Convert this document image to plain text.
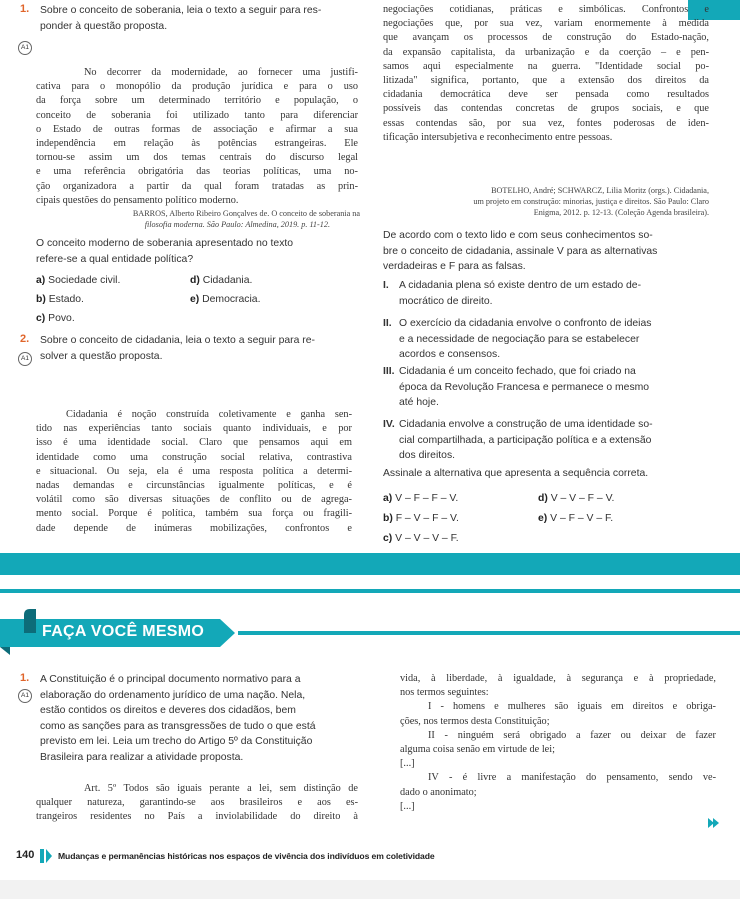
1.
A1
Sobre o conceito de soberania, leia o texto a seguir para res-
ponder à questão proposta.
No decorrer da modernidade, ao fornecer uma justifi-
cativa para o monopólio da produção jurídica e para o uso
da força sobre um determinado território e população, o
conceito de soberania foi utilizado tanto para diferenciar
o Estado de outras formas de associação e afirmar a sua
independência em relação às potências estrangeiras. Ele
tornou-se assim um dos temas centrais do discurso legal
e uma referência obrigatória das teorias políticas, uma no-
ção organizadora a partir da qual foram tratadas as prin-
cipais questões do pensamento político moderno.
BARROS, Alberto Ribeiro Gonçalves de. O conceito de soberania na
filosofia moderna. São Paulo: Almedina, 2019. p. 11-12.
O conceito moderno de soberania apresentado no texto
refere-se a qual entidade política?
a) Sociedade civil.
b) Estado.
c) Povo.
d) Cidadania.
e) Democracia.
2.
A1
Sobre o conceito de cidadania, leia o texto a seguir para re-
solver a questão proposta.
Cidadania é noção construída coletivamente e ganha sen-
tido nas experiências tanto sociais quanto individuais, e por
isso é uma identidade social. Claro que pensamos aqui em
identidade como uma construção social relativa, contrastiva
e situacional. Ou seja, ela é uma resposta política a determi-
nadas demandas e circunstâncias igualmente políticas, e é
volátil como são diversas situações de conflito ou de agrega-
mento social. Porque é política, também sua força ou fragili-
dade depende de inúmeras mobilizações, confrontos e
negociações cotidianas, práticas e simbólicas. Confrontos e
negociações que, por sua vez, variam enormemente à medida
que avançam os processos de construção do Estado-nação,
da expansão capitalista, da urbanização e da coerção – e pen-
samos aqui especialmente na guerra. "Identidade social po-
litizada" significa, portanto, que a extensão dos direitos da
cidadania democrática deve ser pensada como resultados
possíveis das contendas concretas de grupos sociais, e que
essas contendas são, por sua vez, fontes poderosas de iden-
tificação intersubjetiva e reconhecimento entre pessoas.
BOTELHO, André; SCHWARCZ, Lilia Moritz (orgs.). Cidadania,
um projeto em construção: minorias, justiça e direitos. São Paulo: Claro
Enigma, 2012. p. 12-13. (Coleção Agenda brasileira).
De acordo com o texto lido e com seus conhecimentos so-
bre o conceito de cidadania, assinale V para as alternativas
verdadeiras e F para as falsas.
I. A cidadania plena só existe dentro de um estado de-
mocrático de direito.
II. O exercício da cidadania envolve o confronto de ideias
e a necessidade de negociação para se estabelecer
acordos e consensos.
III. Cidadania é um conceito fechado, que foi criado na
época da Revolução Francesa e permanece o mesmo
até hoje.
IV. Cidadania envolve a construção de uma identidade so-
cial compartilhada, a participação política e a extensão
dos direitos.
Assinale a alternativa que apresenta a sequência correta.
a) V – F – F – V.
b) F – V – F – V.
c) V – V – V – F.
d) V – V – F – V.
e) V – F – V – F.
FAÇA VOCÊ MESMO
1.
A1
A Constituição é o principal documento normativo para a
elaboração do ordenamento jurídico de uma nação. Nela,
estão contidos os direitos e deveres dos cidadãos, bem
como as sanções para as transgressões de tudo o que está
previsto em lei. Leia um trecho do Artigo 5º da Constituição
Brasileira para realizar a atividade proposta.
Art. 5º Todos são iguais perante a lei, sem distinção de
qualquer natureza, garantindo-se aos brasileiros e aos es-
trangeiros residentes no País a inviolabilidade do direito à
vida, à liberdade, à igualdade, à segurança e à propriedade,
nos termos seguintes:
I - homens e mulheres são iguais em direitos e obriga-
ções, nos termos desta Constituição;
II - ninguém será obrigado a fazer ou deixar de fazer
alguma coisa senão em virtude de lei;
[...]
IV - é livre a manifestação do pensamento, sendo ve-
dado o anonimato;
[...]
140	Mudanças e permanências históricas nos espaços de vivência dos indivíduos em coletividade
